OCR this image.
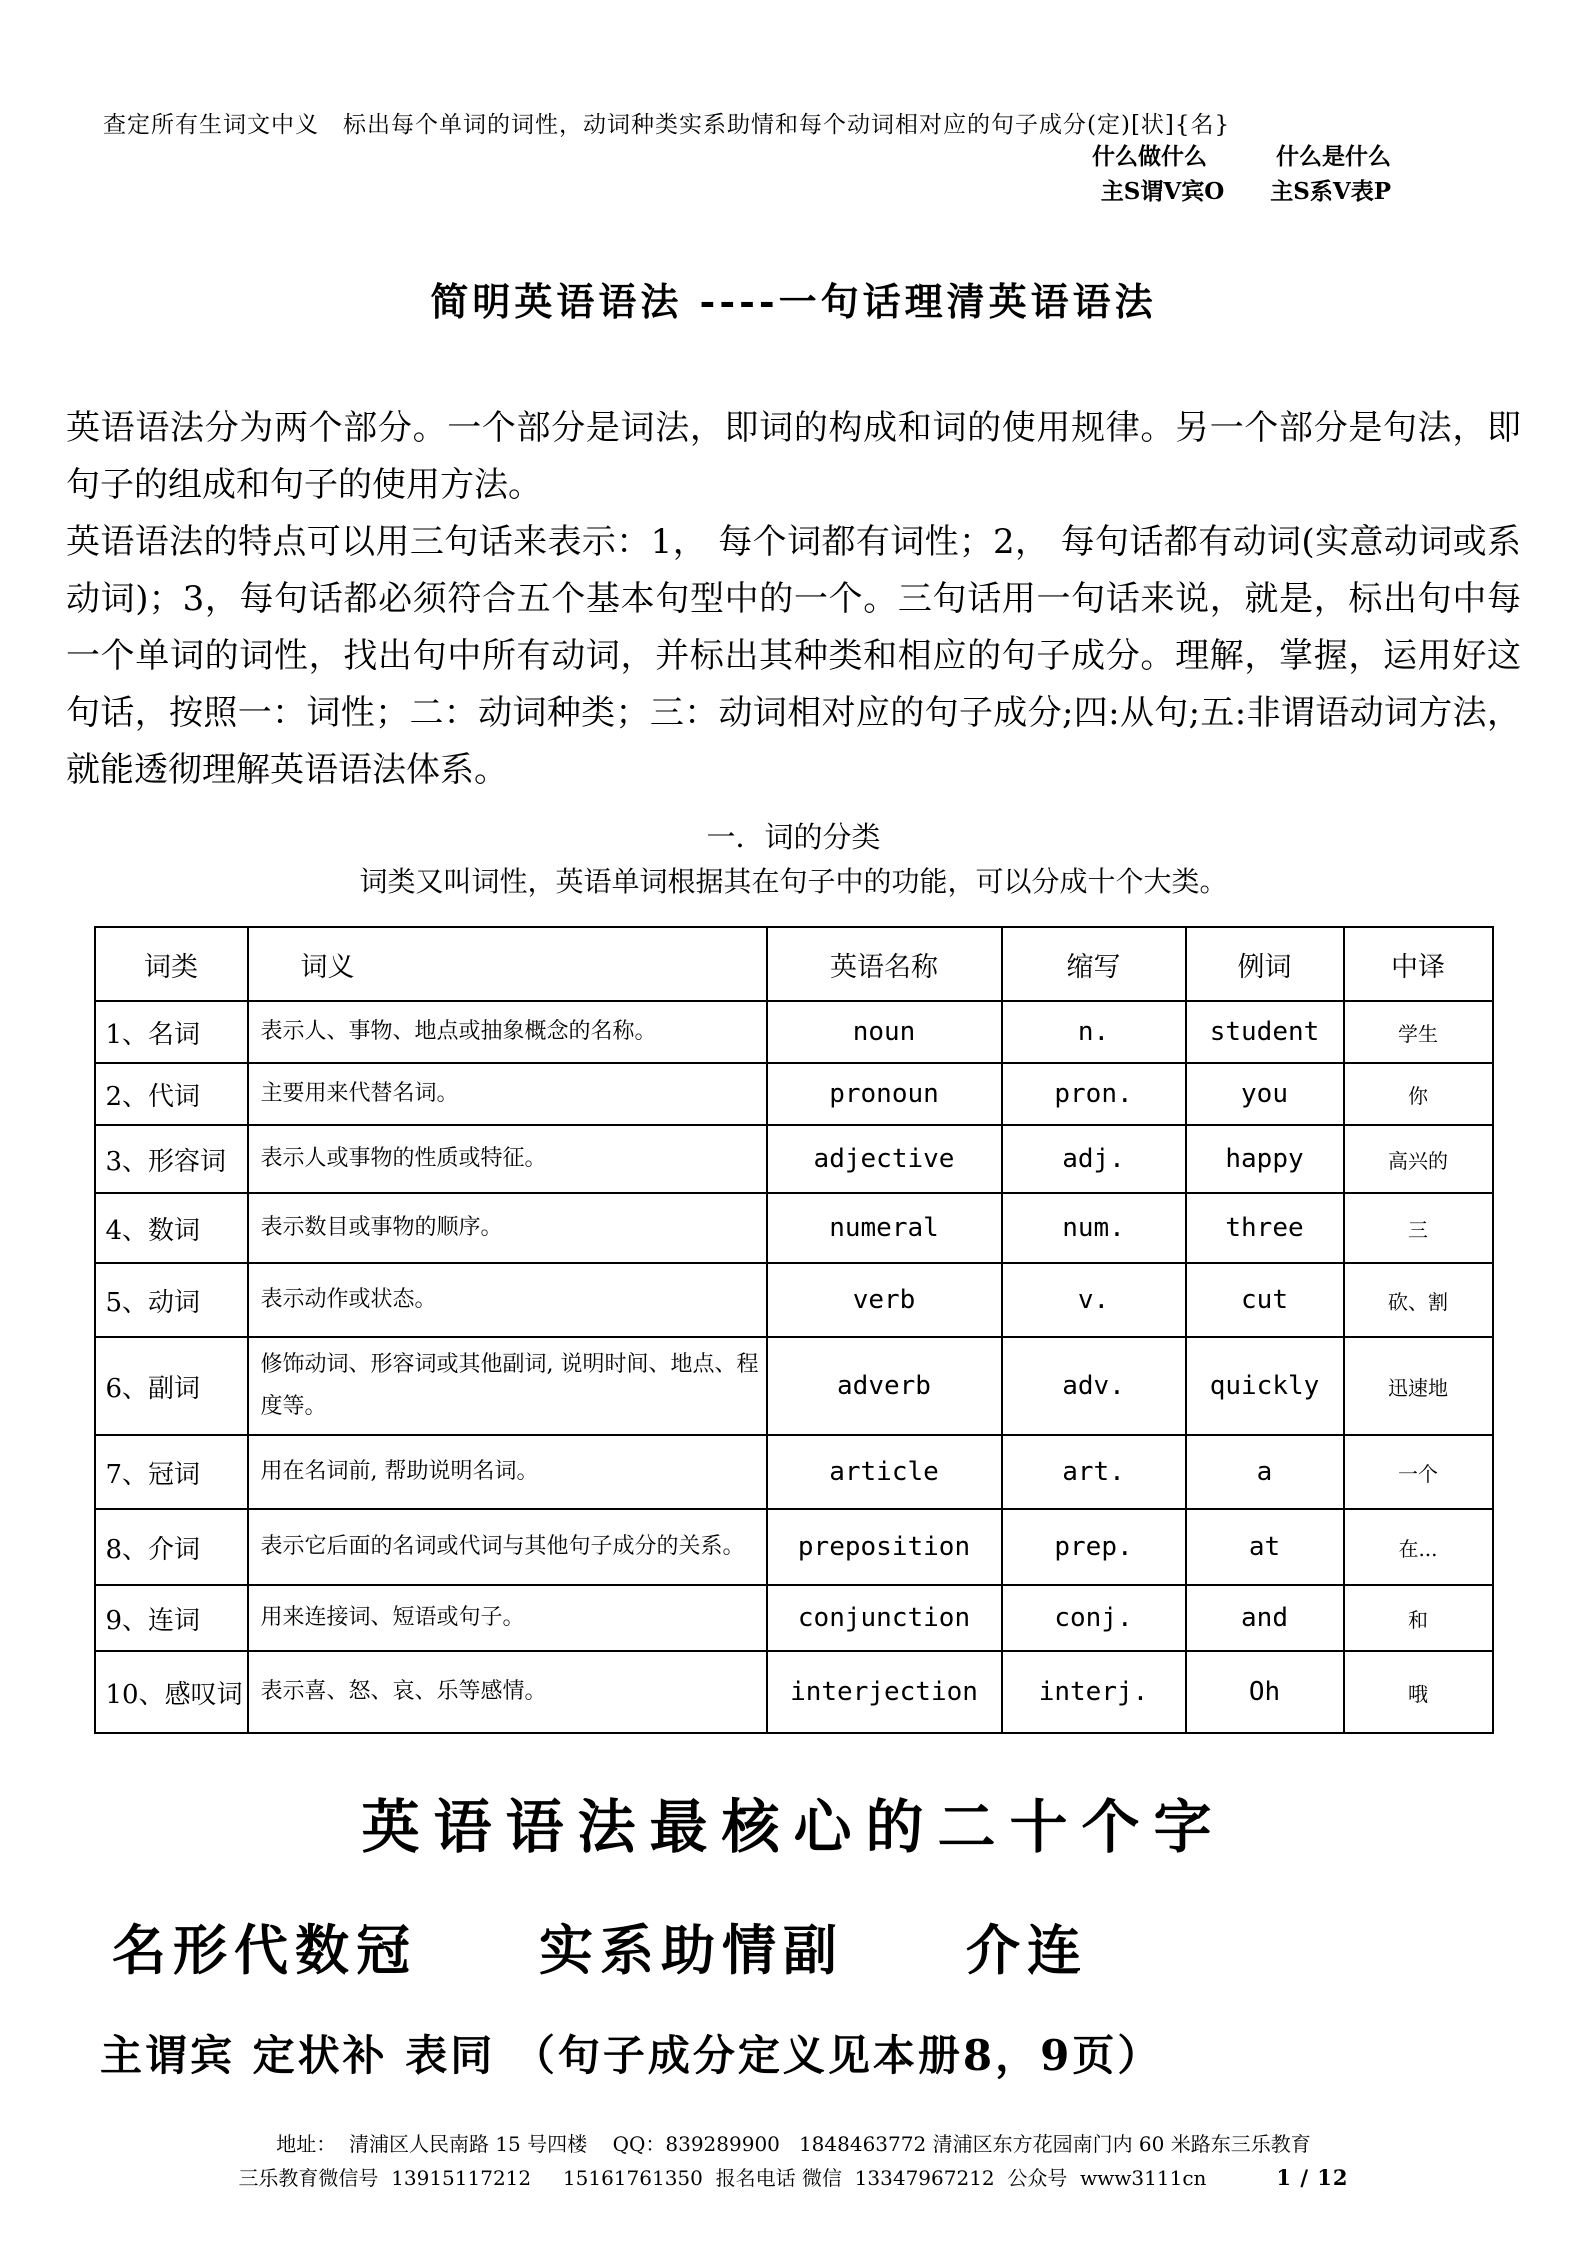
查定所有生词文中义　标出每个单词的词性，动词种类实系助情和每个动词相对应的句子成分(定)[状]{名}
什么做什么　　　什么是什么
主S谓V宾O　　主S系V表P
简明英语语法 ----一句话理清英语语法

英语语法分为两个部分。一个部分是词法，即词的构成和词的使用规律。另一个部分是句法，即句子的组成和句子的使用方法。

英语语法的特点可以用三句话来表示：1， 每个词都有词性；2， 每句话都有动词(实意动词或系动词)；3，每句话都必须符合五个基本句型中的一个。三句话用一句话来说，就是，标出句中每一个单词的词性，找出句中所有动词，并标出其种类和相应的句子成分。理解，掌握，运用好这句话，按照一：词性；二：动词种类；三：动词相对应的句子成分;四:从句;五:非谓语动词方法，就能透彻理解英语语法体系。

一．词的分类
词类又叫词性，英语单词根据其在句子中的功能，可以分成十个大类。
词类	词义	英语名称	缩写	例词	中译
1、名词	表示人、事物、地点或抽象概念的名称。	noun	n.	student	学生
2、代词	主要用来代替名词。	pronoun	pron.	you	你
3、形容词	表示人或事物的性质或特征。	adjective	adj.	happy	高兴的
4、数词	表示数目或事物的顺序。	numeral	num.	three	三
5、动词	表示动作或状态。	verb	v.	cut	砍、割
6、副词	修饰动词、形容词或其他副词, 说明时间、地点、程度等。	adverb	adv.	quickly	迅速地
7、冠词	用在名词前, 帮助说明名词。	article	art.	a	一个
8、介词	表示它后面的名词或代词与其他句子成分的关系。	preposition	prep.	at	在...
9、连词	用来连接词、短语或句子。	conjunction	conj.	and	和
10、感叹词	表示喜、怒、哀、乐等感情。	interjection	interj.	Oh	哦
英语语法最核心的二十个字
名形代数冠　　实系助情副　　介连
主谓宾 定状补 表同 （句子成分定义见本册8，9页）
地址：  清浦区人民南路 15 号四楼    QQ：839289900   1848463772 清浦区东方花园南门内 60 米路东三乐教育
三乐教育微信号  13915117212     15161761350  报名电话 微信  13347967212  公众号  www3111cn	1 / 12
